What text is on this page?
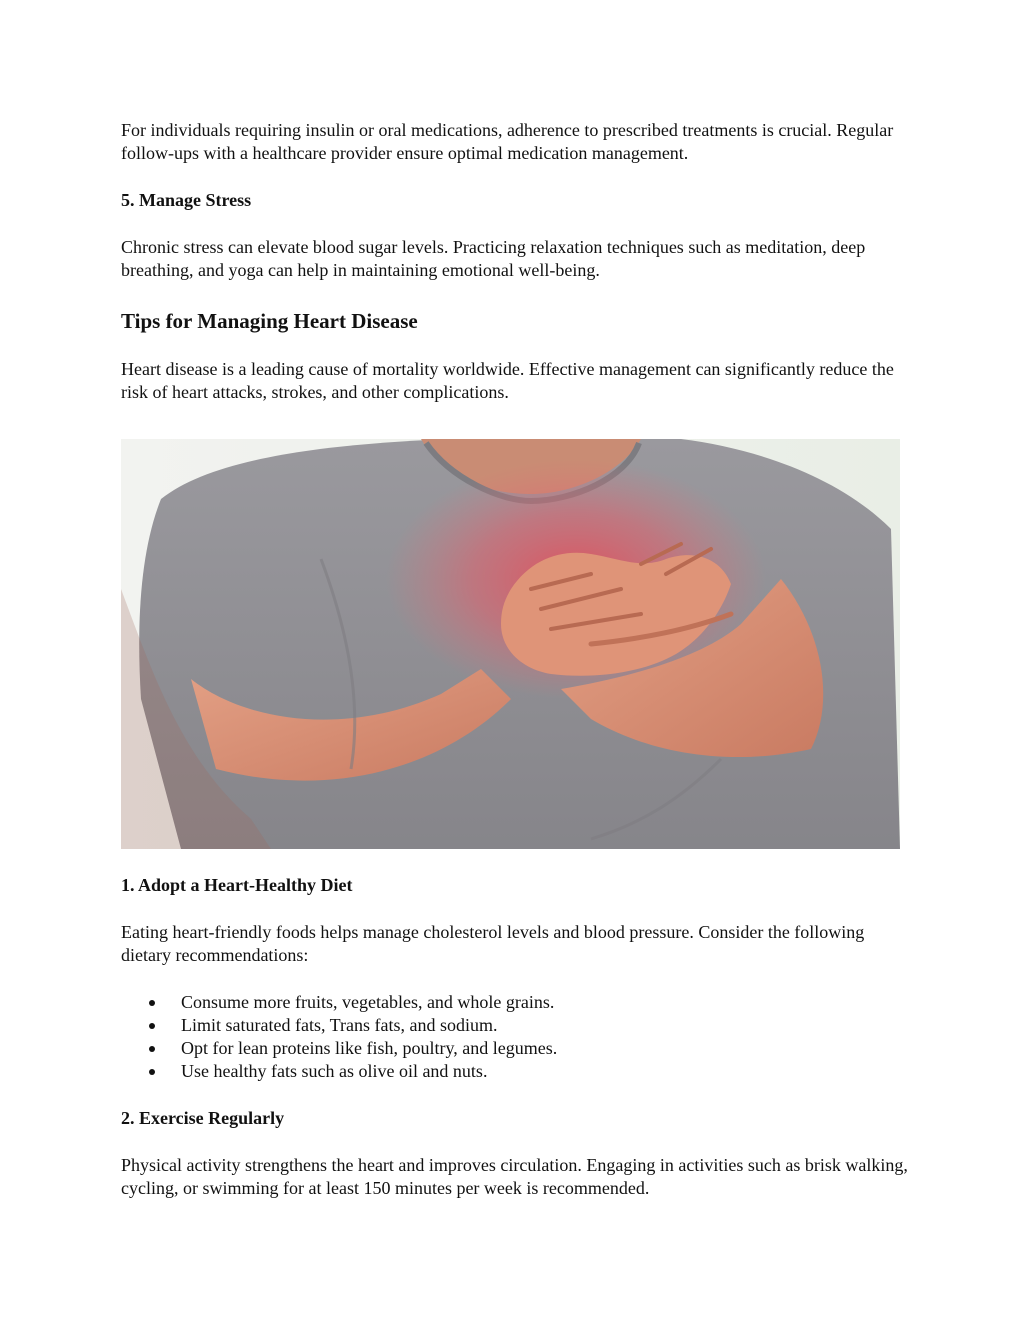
For individuals requiring insulin or oral medications, adherence to prescribed treatments is crucial. Regular follow-ups with a healthcare provider ensure optimal medication management.

5. Manage Stress

Chronic stress can elevate blood sugar levels. Practicing relaxation techniques such as meditation, deep breathing, and yoga can help in maintaining emotional well-being.

Tips for Managing Heart Disease

Heart disease is a leading cause of mortality worldwide. Effective management can significantly reduce the risk of heart attacks, strokes, and other complications.

1. Adopt a Heart-Healthy Diet

Eating heart-friendly foods helps manage cholesterol levels and blood pressure. Consider the following dietary recommendations:

Consume more fruits, vegetables, and whole grains.
Limit saturated fats, Trans fats, and sodium.
Opt for lean proteins like fish, poultry, and legumes.
Use healthy fats such as olive oil and nuts.

2. Exercise Regularly

Physical activity strengthens the heart and improves circulation. Engaging in activities such as brisk walking, cycling, or swimming for at least 150 minutes per week is recommended.
